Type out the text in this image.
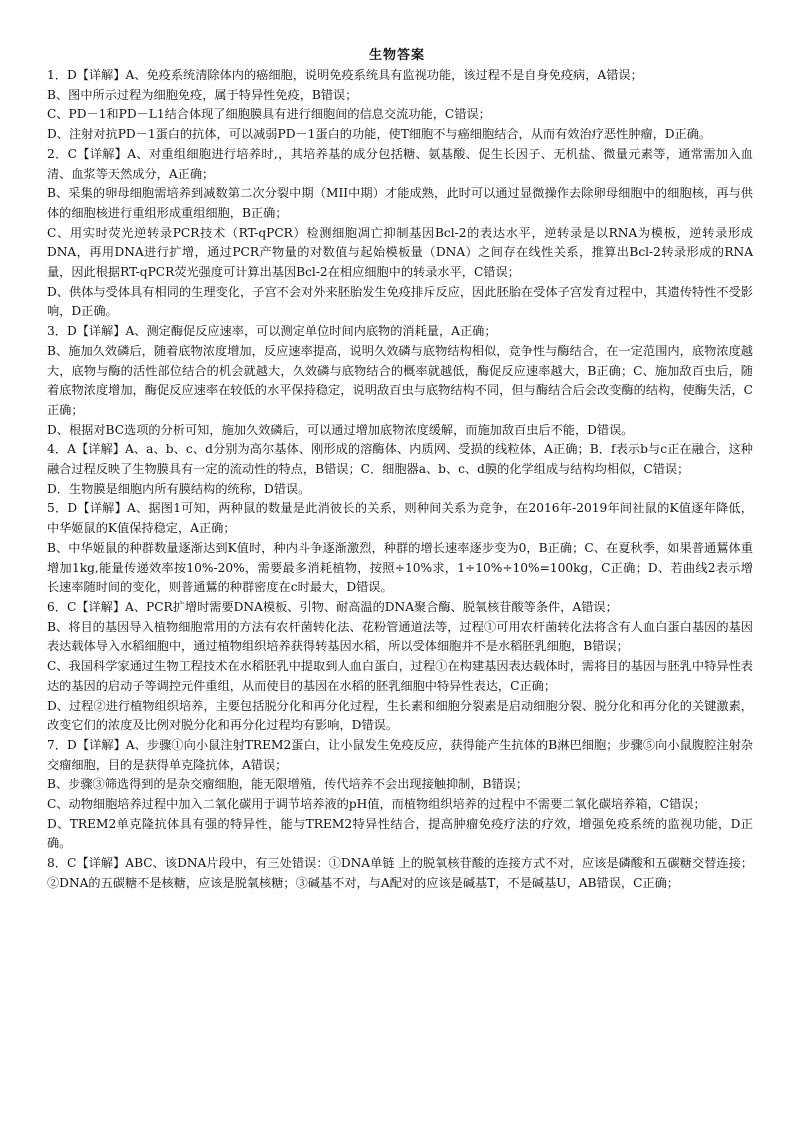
生物答案

1．D【详解】A、免疫系统清除体内的癌细胞，说明免疫系统具有监视功能，该过程不是自身免疫病，A错误；

B、图中所示过程为细胞免疫，属于特异性免疫，B错误；

C、PD－1和PD－L1结合体现了细胞膜具有进行细胞间的信息交流功能，C错误；

D、注射对抗PD－1蛋白的抗体，可以减弱PD－1蛋白的功能，使T细胞不与癌细胞结合，从而有效治疗恶性肿瘤，D正确。

2．C【详解】A、对重组细胞进行培养时,，其培养基的成分包括糖、氨基酸、促生长因子、无机盐、微量元素等，通常需加入血清、血浆等天然成分，A正确；

B、采集的卵母细胞需培养到减数第二次分裂中期（MII中期）才能成熟，此时可以通过显微操作去除卵母细胞中的细胞核，再与供体的细胞核进行重组形成重组细胞，B正确；

C、用实时荧光逆转录PCR技术（RT-qPCR）检测细胞凋亡抑制基因Bcl-2的表达水平，逆转录是以RNA为模板，逆转录形成DNA，再用DNA进行扩增，通过PCR产物量的对数值与起始模板量（DNA）之间存在线性关系，推算出Bcl-2转录形成的RNA量，因此根据RT-qPCR荧光强度可计算出基因Bcl-2在相应细胞中的转录水平，C错误；

D、供体与受体具有相同的生理变化，子宫不会对外来胚胎发生免疫排斥反应，因此胚胎在受体子宫发育过程中，其遗传特性不受影响，D正确。

3．D【详解】A、测定酶促反应速率，可以测定单位时间内底物的消耗量，A正确；

B、施加久效磷后，随着底物浓度增加，反应速率提高，说明久效磷与底物结构相似，竞争性与酶结合，在一定范围内，底物浓度越大，底物与酶的活性部位结合的机会就越大，久效磷与底物结合的概率就越低，酶促反应速率越大，B正确；C、施加敌百虫后，随着底物浓度增加，酶促反应速率在较低的水平保持稳定，说明敌百虫与底物结构不同，但与酶结合后会改变酶的结构，使酶失活，C正确；

D、根据对BC选项的分析可知，施加久效磷后，可以通过增加底物浓度缓解，而施加敌百虫后不能，D错误。

4．A【详解】A、a、b、c、d分别为高尔基体、刚形成的溶酶体、内质网、受损的线粒体，A正确；B．f表示b与c正在融合，这种融合过程反映了生物膜具有一定的流动性的特点，B错误；C．细胞器a、b、c、d膜的化学组成与结构均相似，C错误；

D．生物膜是细胞内所有膜结构的统称，D错误。

5．D【详解】A、据图1可知，两种鼠的数量是此消彼长的关系，则种间关系为竞争，在2016年-2019年间社鼠的K值逐年降低，中华姬鼠的K值保持稳定，A正确；

B、中华姬鼠的种群数量逐渐达到K值时，种内斗争逐渐激烈，种群的增长速率逐步变为0，B正确；C、在夏秋季，如果普通鵟体重增加1kg,能量传递效率按10%-20%，需要最多消耗植物，按照÷10%求，1÷10%÷10%=100kg，C正确；D、若曲线2表示增长速率随时间的变化，则普通鵟的种群密度在c时最大，D错误。

6．C【详解】A、PCR扩增时需要DNA模板、引物、耐高温的DNA聚合酶、脱氧核苷酸等条件，A错误；

B、将目的基因导入植物细胞常用的方法有农杆菌转化法、花粉管通道法等，过程①可用农杆菌转化法将含有人血白蛋白基因的基因表达载体导入水稻细胞中，通过植物组织培养获得转基因水稻，所以受体细胞并不是水稻胚乳细胞，B错误；

C、我国科学家通过生物工程技术在水稻胚乳中提取到人血白蛋白，过程①在构建基因表达载体时，需将目的基因与胚乳中特异性表达的基因的启动子等调控元件重组，从而使目的基因在水稻的胚乳细胞中特异性表达，C正确；

D、过程②进行植物组织培养，主要包括脱分化和再分化过程，生长素和细胞分裂素是启动细胞分裂、脱分化和再分化的关键激素，改变它们的浓度及比例对脱分化和再分化过程均有影响，D错误。

7．D【详解】A、步骤①向小鼠注射TREM2蛋白，让小鼠发生免疫反应，获得能产生抗体的B淋巴细胞；步骤⑤向小鼠腹腔注射杂交瘤细胞，目的是获得单克隆抗体，A错误；

B、步骤③筛选得到的是杂交瘤细胞，能无限增殖，传代培养不会出现接触抑制，B错误；

C、动物细胞培养过程中加入二氧化碳用于调节培养液的pH值，而植物组织培养的过程中不需要二氧化碳培养箱，C错误；

D、TREM2单克隆抗体具有强的特异性，能与TREM2特异性结合，提高肿瘤免疫疗法的疗效，增强免疫系统的监视功能，D正确。

8．C【详解】ABC、该DNA片段中，有三处错误：①DNA单链 上的脱氧核苷酸的连接方式不对，应该是磷酸和五碳糖交替连接；②DNA的五碳糖不是核糖，应该是脱氧核糖；③碱基不对，与A配对的应该是碱基T，不是碱基U，AB错误，C正确；
